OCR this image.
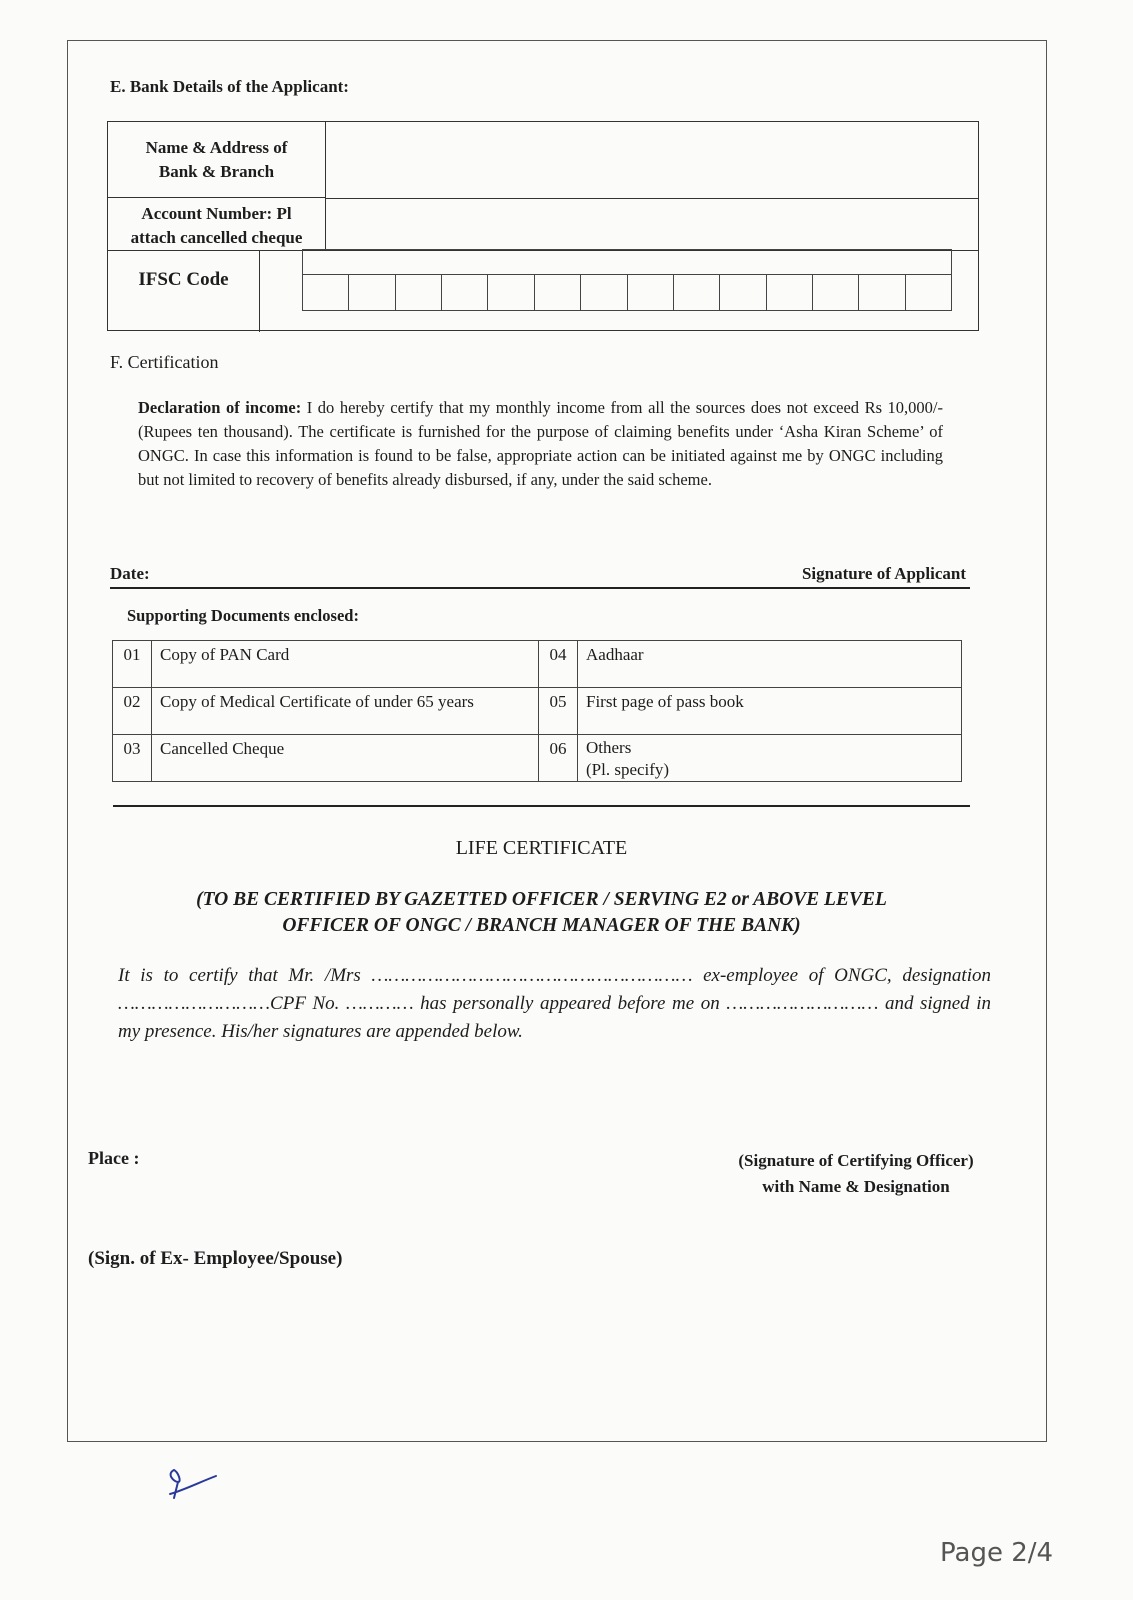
E. Bank Details of the Applicant:
Name & Address of
Bank & Branch
Account Number: Pl
attach cancelled cheque
IFSC Code
F. Certification
Declaration of income: I do hereby certify that my monthly income from all the sources does not exceed Rs 10,000/- (Rupees ten thousand). The certificate is furnished for the purpose of claiming benefits under ‘Asha Kiran Scheme’ of ONGC. In case this information is found to be false, appropriate action can be initiated against me by ONGC including but not limited to recovery of benefits already disbursed, if any, under the said scheme.
Date:	Signature of Applicant
Supporting Documents enclosed:
01	Copy of PAN Card	04	Aadhaar
02	Copy of Medical Certificate of under 65 years	05	First page of pass book
03	Cancelled Cheque	06	Others
(Pl. specify)
LIFE CERTIFICATE
(TO BE CERTIFIED BY GAZETTED OFFICER / SERVING E2 or ABOVE LEVEL
OFFICER OF ONGC / BRANCH MANAGER OF THE BANK)
It is to certify that Mr. /Mrs ………………………………………………… ex-employee of ONGC, designation ………………………CPF No. ………… has personally appeared before me on ……………………… and signed in my presence. His/her signatures are appended below.
Place :	(Signature of Certifying Officer)
with Name & Designation
(Sign. of Ex- Employee/Spouse)
Page 2/4
